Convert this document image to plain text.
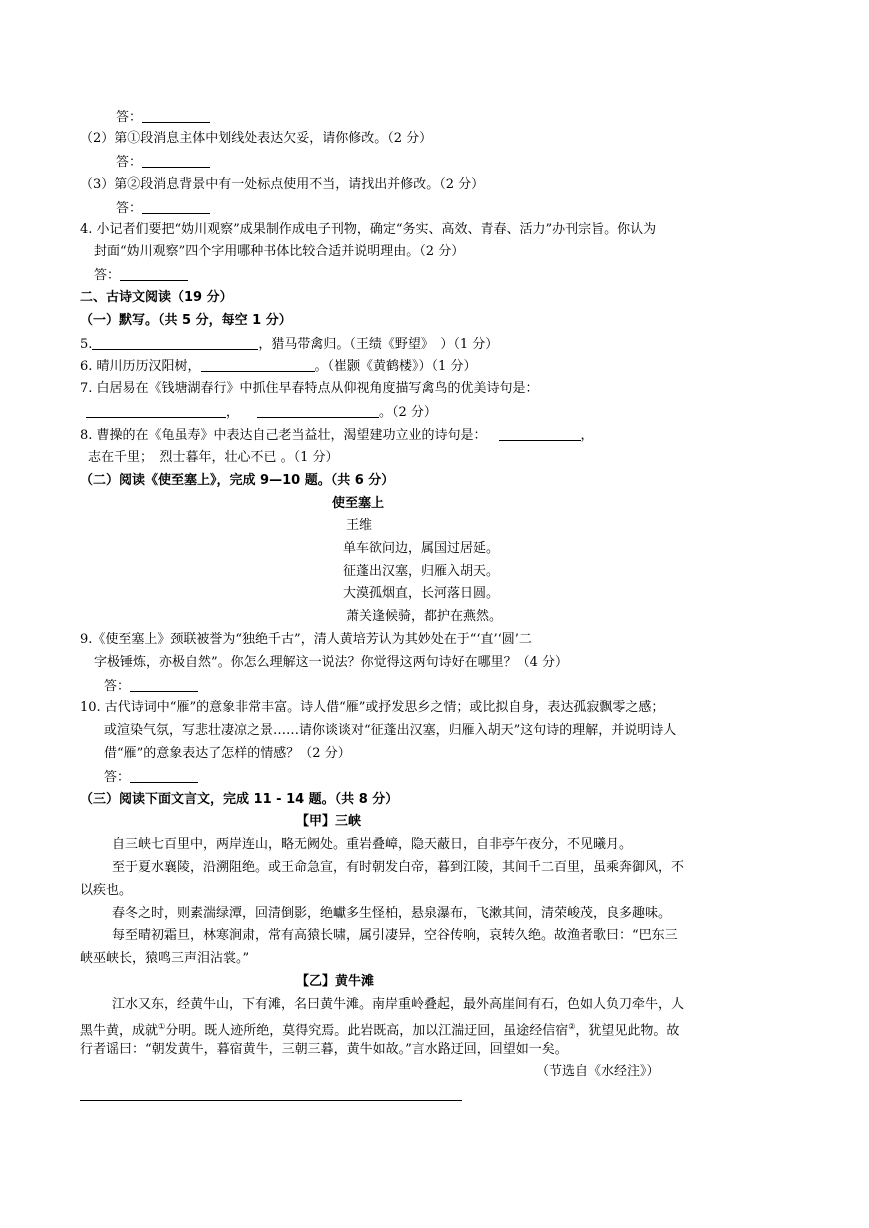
答：
（2）第①段消息主体中划线处表达欠妥，请你修改。（2 分）
答：
（3）第②段消息背景中有一处标点使用不当，请找出并修改。（2 分）
答：
4. 小记者们要把“妫川观察”成果制作成电子刊物，确定“务实、高效、青春、活力”办刊宗旨。你认为
封面“妫川观察”四个字用哪种书体比较合适并说明理由。（2 分）
答：
二、古诗文阅读（19 分）
（一）默写。（共 5 分，每空 1 分）
5.	，猎马带禽归。（王绩《野望》　）（1 分）
6. 晴川历历汉阳树，	。（崔颢《黄鹤楼》）（1 分）
7. 白居易在《钱塘湖春行》中抓住早春特点从仰视角度描写禽鸟的优美诗句是：
，	。（2 分）
8. 曹操的在《龟虽寿》中表达自己老当益壮，渴望建功立业的诗句是：	，
志在千里；　烈士暮年，壮心不已 。（1 分）
（二）阅读《使至塞上》，完成 9—10 题。（共 6 分）
使至塞上
王维
单车欲问边，属国过居延。
征蓬出汉塞，归雁入胡天。
大漠孤烟直，长河落日圆。
萧关逢候骑，都护在燕然。
9.《使至塞上》颈联被誉为“独绝千古”，清人黄培芳认为其妙处在于“‘直’‘圆’二
字极锤炼，亦极自然”。你怎么理解这一说法？你觉得这两句诗好在哪里？（4 分）
答：
10. 古代诗词中“雁”的意象非常丰富。诗人借“雁”或抒发思乡之情；或比拟自身，表达孤寂飘零之感；
或渲染气氛，写悲壮凄凉之景……请你谈谈对“征蓬出汉塞，归雁入胡天”这句诗的理解，并说明诗人
借“雁”的意象表达了怎样的情感？（2 分）
答：
（三）阅读下面文言文，完成 11 - 14 题。（共 8 分）
【甲】三峡
自三峡七百里中，两岸连山，略无阙处。重岩叠嶂，隐天蔽日，自非亭午夜分，不见曦月。
至于夏水襄陵，沿溯阻绝。或王命急宣，有时朝发白帝，暮到江陵，其间千二百里，虽乘奔御风，不
以疾也。
春冬之时，则素湍绿潭，回清倒影，绝巘多生怪柏，悬泉瀑布，飞漱其间，清荣峻茂，良多趣味。
每至晴初霜旦，林寒涧肃，常有高猿长啸，属引凄异，空谷传响，哀转久绝。故渔者歌曰：“巴东三
峡巫峡长，猿鸣三声泪沾裳。”
【乙】黄牛滩
江水又东，经黄牛山，下有滩，名曰黄牛滩。南岸重岭叠起，最外高崖间有石，色如人负刀牵牛，人
黑牛黄，成就①分明。既人迹所绝，莫得究焉。此岩既高，加以江湍迂回，虽途经信宿②，犹望见此物。故
行者谣曰：“朝发黄牛，暮宿黄牛，三朝三暮，黄牛如故。”言水路迂回，回望如一矣。
（节选自《水经注》）
